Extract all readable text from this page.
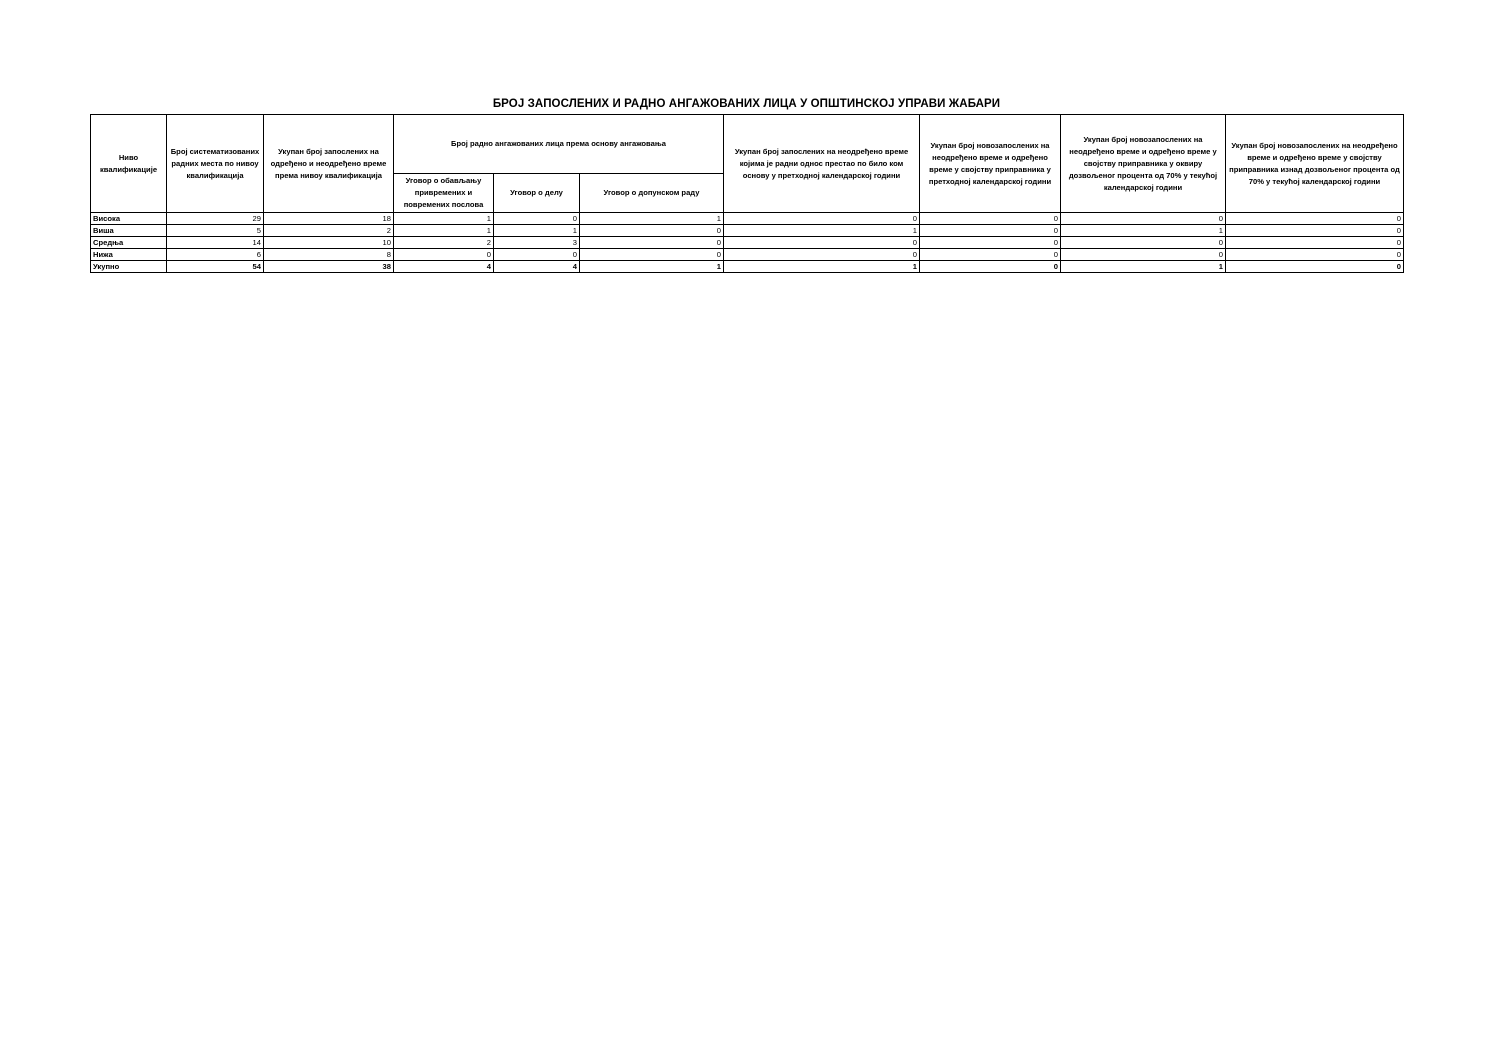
БРОЈ ЗАПОСЛЕНИХ И РАДНО АНГАЖОВАНИХ ЛИЦА У ОПШТИНСКОЈ УПРАВИ ЖАБАРИ
Ниво квалификације	Број систематизованих радних места по нивоу квалификација	Укупан број запослених на одређено и неодређено време према нивоу квалификација	Број радно ангажованих лица према основу ангажовања			Укупан број запослених на неодређено време којима је радни однос престао по било ком основу у претходној календарској години	Укупан број новозапослених на неодређено време и одређено време у својству приправника у претходној календарској години	Укупан број новозапослених на неодређено време и одређено време у својству приправника у оквиру дозвољеног процента од 70% у текућој календарској години	Укупан број новозапослених на неодређено време и одређено време у својству приправника изнад дозвољеног процента од 70% у текућој календарској години
			Уговор о обављању привремених и повремених послова	Уговор о делу	Уговор о допунском раду				
Висока	29	18	1	0	1	0	0	0	0
Виша	5	2	1	1	0	1	0	1	0
Средња	14	10	2	3	0	0	0	0	0
Нижа	6	8	0	0	0	0	0	0	0
Укупно	54	38	4	4	1	1	0	1	0
